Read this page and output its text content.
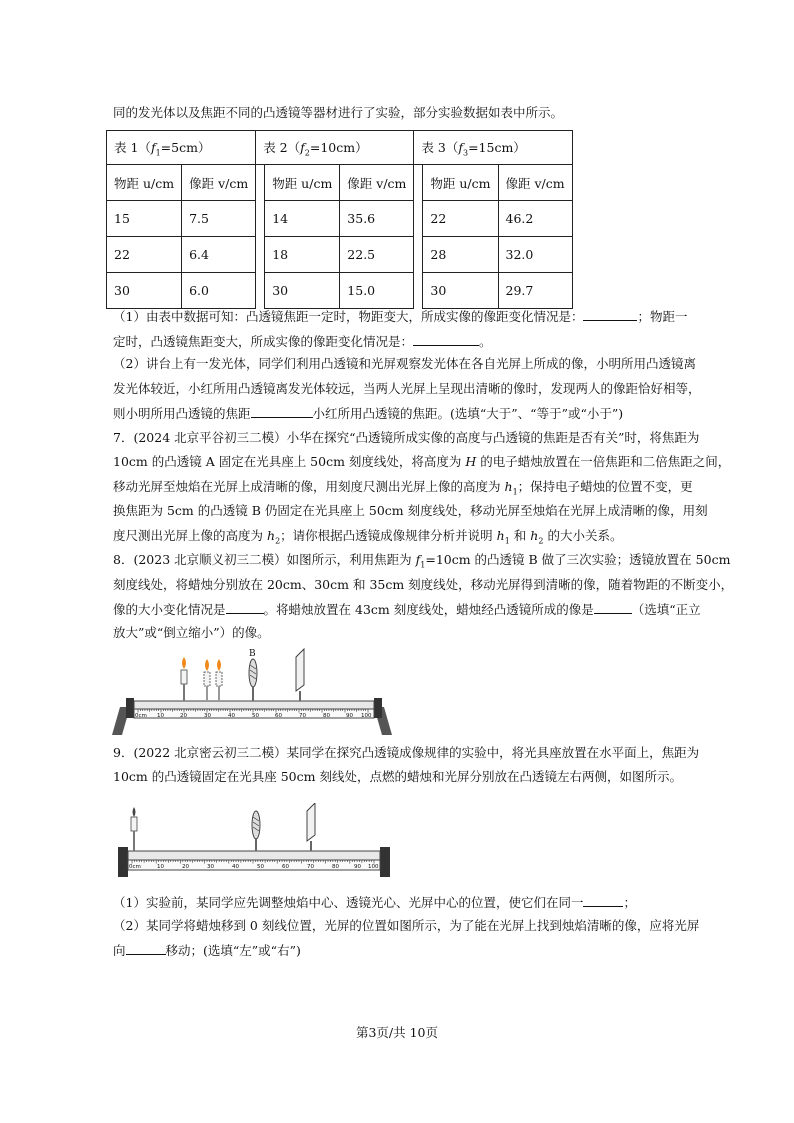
同的发光体以及焦距不同的凸透镜等器材进行了实验，部分实验数据如表中所示。
表 $1(f_1=5cm)$		表 $2(f_2=10cm)$			表 $3(f_3=15cm)$		
物距 u/cm	像距 v/cm		物距 u/cm	像距 v/cm		物距 u/cm	像距 v/cm
15	7.5		14	35.6		22	46.2
22	6.4		18	22.5		28	32.0
30	6.0		30	15.0		30	29.7
（1）由表中数据可知：凸透镜焦距一定时，物距变大，所成实像的像距变化情况是：	；物距一
定时，凸透镜焦距变大，所成实像的像距变化情况是：	。
（2）讲台上有一发光体，同学们利用凸透镜和光屏观察发光体在各自光屏上所成的像，小明所用凸透镜离
发光体较近，小红所用凸透镜离发光体较远，当两人光屏上呈现出清晰的像时，发现两人的像距恰好相等，
则小明所用凸透镜的焦距	小红所用凸透镜的焦距。(选填“大于”、“等于”或“小于”)
7．(2024 北京平谷初三二模）小华在探究“凸透镜所成实像的高度与凸透镜的焦距是否有关”时，将焦距为
10cm 的凸透镜 A 固定在光具座上 50cm 刻度线处，将高度为 H 的电子蜡烛放置在一倍焦距和二倍焦距之间，
移动光屏至烛焰在光屏上成清晰的像，用刻度尺测出光屏上像的高度为 $h_1$；保持电子蜡烛的位置不变，更
换焦距为 5cm 的凸透镜 B 仍固定在光具座上 50cm 刻度线处，移动光屏至烛焰在光屏上成清晰的像，用刻
度尺测出光屏上像的高度为 $h_2$；请你根据凸透镜成像规律分析并说明 $h_1$ 和 $h_2$ 的大小关系。
8．(2023 北京顺义初三二模）如图所示，利用焦距为 $f_1=10cm$ 的凸透镜 B 做了三次实验；透镜放置在 50cm
刻度线处，将蜡烛分别放在 20cm、30cm 和 35cm 刻度线处，移动光屏得到清晰的像，随着物距的不断变小，
像的大小变化情况是	。将蜡烛放置在 43cm 刻度线处，蜡烛经凸透镜所成的像是	（选填“正立
放大”或“倒立缩小”）的像。
0cm 10	20	30	40	50	60	70	80	90 100
B
9．(2022 北京密云初三二模）某同学在探究凸透镜成像规律的实验中，将光具座放置在水平面上，焦距为
10cm 的凸透镜固定在光具座 50cm 刻线处，点燃的蜡烛和光屏分别放在凸透镜左右两侧，如图所示。
0cm	10	20	30	40	50	60	70	80	90 100
（1）实验前，某同学应先调整烛焰中心、透镜光心、光屏中心的位置，使它们在同一	；
（2）某同学将蜡烛移到 0 刻线位置，光屏的位置如图所示，为了能在光屏上找到烛焰清晰的像，应将光屏
向	移动；(选填“左”或“右”)
第3页/共 10页
